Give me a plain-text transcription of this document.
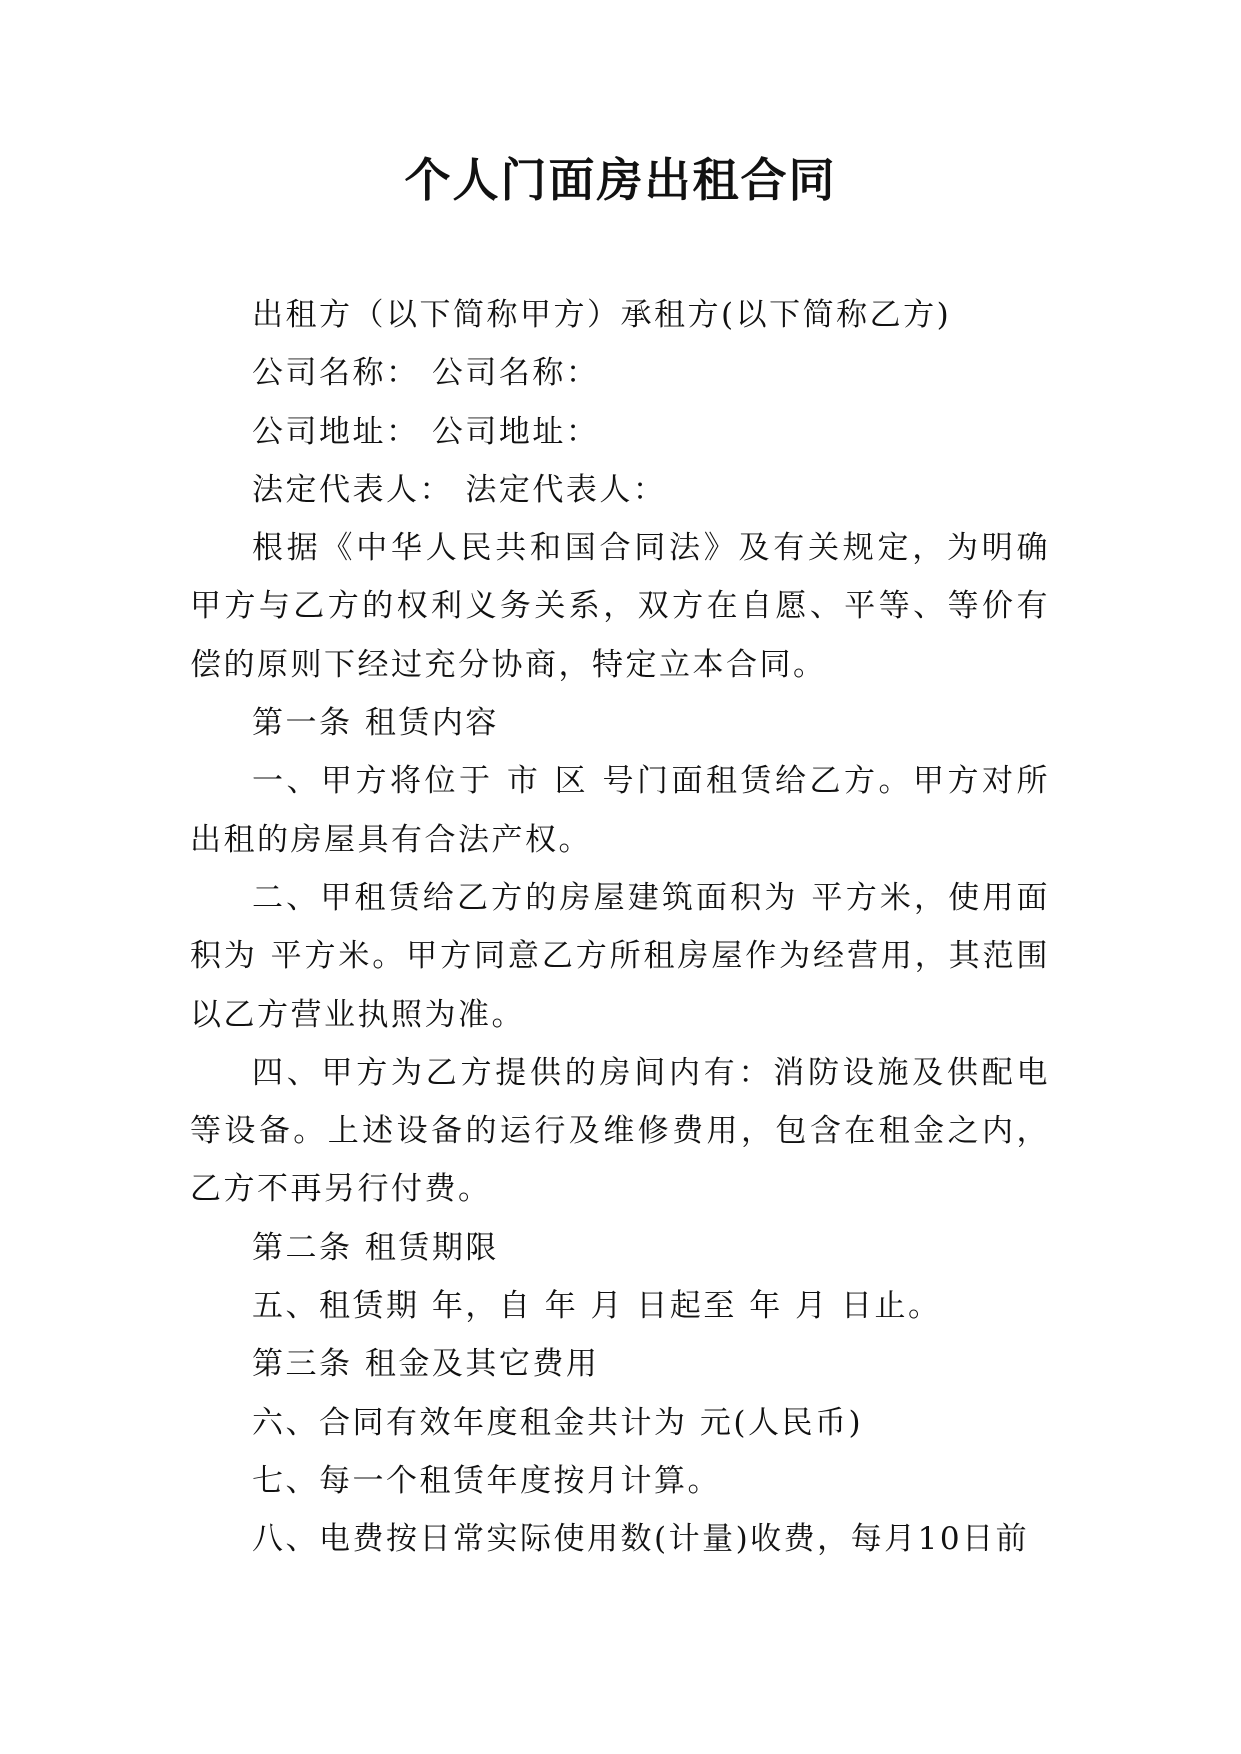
个人门面房出租合同

出租方（以下简称甲方）承租方(以下简称乙方)

公司名称： 公司名称：

公司地址： 公司地址：

法定代表人： 法定代表人：

根据《中华人民共和国合同法》及有关规定，为明确甲方与乙方的权利义务关系，双方在自愿、平等、等价有偿的原则下经过充分协商，特定立本合同。

第一条 租赁内容

一、甲方将位于 市 区 号门面租赁给乙方。甲方对所出租的房屋具有合法产权。

二、甲租赁给乙方的房屋建筑面积为 平方米，使用面积为 平方米。甲方同意乙方所租房屋作为经营用，其范围以乙方营业执照为准。

四、甲方为乙方提供的房间内有：消防设施及供配电等设备。上述设备的运行及维修费用，包含在租金之内，乙方不再另行付费。

第二条 租赁期限

五、租赁期 年，自 年 月 日起至 年 月 日止。

第三条 租金及其它费用

六、合同有效年度租金共计为 元(人民币)

七、每一个租赁年度按月计算。

八、电费按日常实际使用数(计量)收费，每月10日前
